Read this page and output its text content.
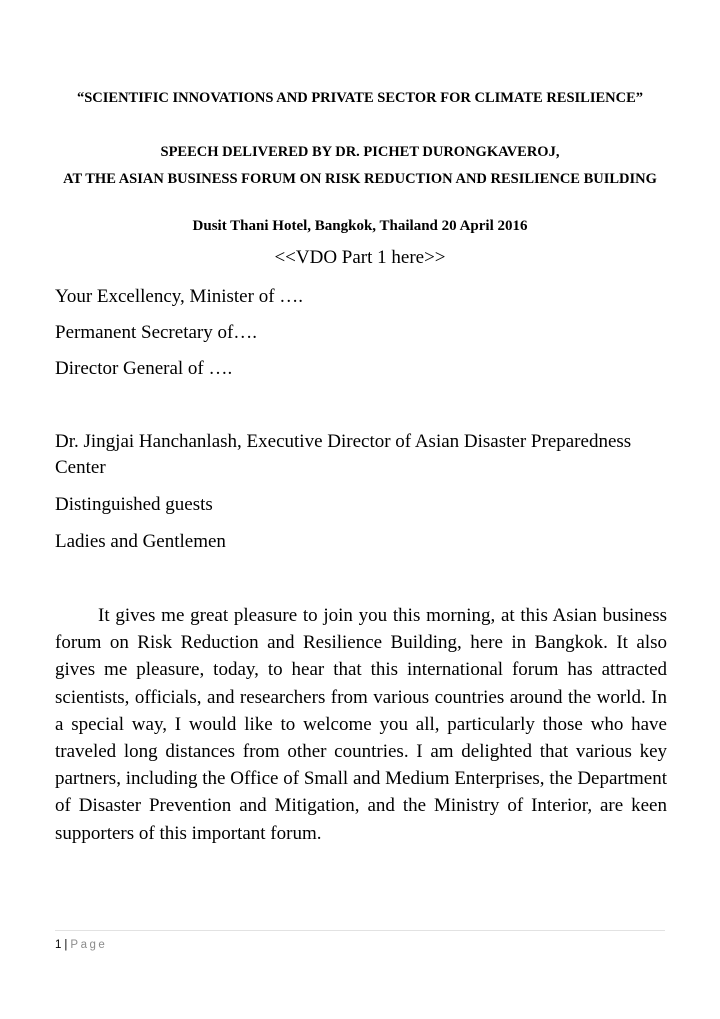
“SCIENTIFIC INNOVATIONS AND PRIVATE SECTOR FOR CLIMATE RESILIENCE”

SPEECH DELIVERED BY DR. PICHET DURONGKAVEROJ,

AT THE ASIAN BUSINESS FORUM ON RISK REDUCTION AND RESILIENCE BUILDING

Dusit Thani Hotel, Bangkok, Thailand 20 April 2016

<<VDO Part 1 here>>

Your Excellency, Minister of ….

Permanent Secretary of….

Director General of ….

Dr. Jingjai Hanchanlash, Executive Director of Asian Disaster Preparedness Center

Distinguished guests

Ladies and Gentlemen

It gives me great pleasure to join you this morning, at this Asian business forum on Risk Reduction and Resilience Building, here in Bangkok. It also gives me pleasure, today, to hear that this international forum has attracted scientists, officials, and researchers from various countries around the world. In a special way, I would like to welcome you all, particularly those who have traveled long distances from other countries. I am delighted that various key partners, including the Office of Small and Medium Enterprises, the Department of Disaster Prevention and Mitigation, and the Ministry of Interior, are keen supporters of this important forum.

1 | Page
